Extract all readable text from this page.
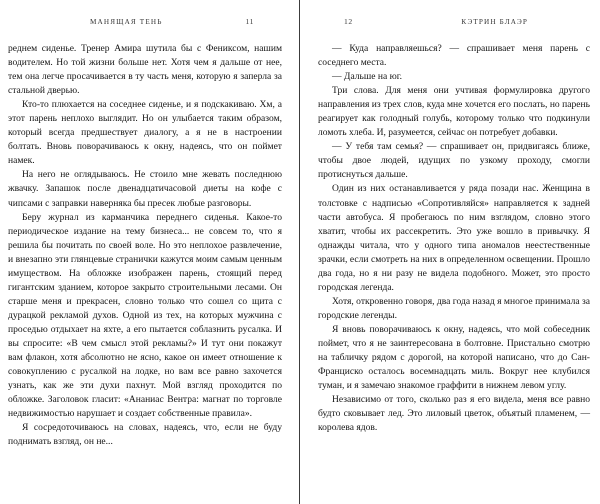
МАНЯЩАЯ ТЕНЬ	11

реднем сиденье. Тренер Амира шутила бы с Фениксом, нашим водителем. Но той жизни больше нет. Хотя чем я дальше от нее, тем она легче просачивается в ту часть меня, которую я заперла за стальной дверью.

Кто-то плюхается на соседнее сиденье, и я подскакиваю. Хм, а этот парень неплохо выглядит. Но он улыбается таким образом, который всегда предшествует диалогу, а я не в настроении болтать. Вновь поворачиваюсь к окну, надеясь, что он поймет намек.

На него не оглядываюсь. Не стоило мне жевать последнюю жвачку. Запашок после двенадцатичасовой диеты на кофе с чипсами с заправки наверняка бы пресек любые разговоры.

Беру журнал из карманчика переднего сиденья. Какое-то периодическое издание на тему бизнеса... не совсем то, что я решила бы почитать по своей воле. Но это неплохое развлечение, и внезапно эти глянцевые странички кажутся моим самым ценным имуществом. На обложке изображен парень, стоящий перед гигантским зданием, которое закрыто строительными лесами. Он старше меня и прекрасен, словно только что сошел со щита с дурацкой рекламой духов. Одной из тех, на которых мужчина с проседью отдыхает на яхте, а его пытается соблазнить русалка. И вы спросите: «В чем смысл этой рекламы?» И тут они покажут вам флакон, хотя абсолютно не ясно, какое он имеет отношение к совокуплению с русалкой на лодке, но вам все равно захочется узнать, как же эти духи пахнут. Мой взгляд проходится по обложке. Заголовок гласит: «Ананиас Вентра: магнат по торговле недвижимостью нарушает и создает собственные правила».

Я сосредоточиваюсь на словах, надеясь, что, если не буду поднимать взгляд, он не...

12	КЭТРИН БЛАЭР

— Куда направляешься? — спрашивает меня парень с соседнего места.

— Дальше на юг.

Три слова. Для меня они учтивая формулировка другого направления из трех слов, куда мне хочется его послать, но парень реагирует как голодный голубь, которому только что подкинули ломоть хлеба. И, разумеется, сейчас он потребует добавки.

— У тебя там семья? — спрашивает он, придвигаясь ближе, чтобы двое людей, идущих по узкому проходу, смогли протиснуться дальше.

Один из них останавливается у ряда позади нас. Женщина в толстовке с надписью «Сопротивляйся» направляется к задней части автобуса. Я пробегаюсь по ним взглядом, словно этого хватит, чтобы их рассекретить. Это уже вошло в привычку. Я однажды читала, что у одного типа аномалов неестественные зрачки, если смотреть на них в определенном освещении. Прошло два года, но я ни разу не видела подобного. Может, это просто городская легенда.

Хотя, откровенно говоря, два года назад я многое принимала за городские легенды.

Я вновь поворачиваюсь к окну, надеясь, что мой собеседник поймет, что я не заинтересована в болтовне. Пристально смотрю на табличку рядом с дорогой, на которой написано, что до Сан-Франциско осталось восемнадцать миль. Вокруг нее клубился туман, и я замечаю знакомое граффити в нижнем левом углу.

Независимо от того, сколько раз я его видела, меня все равно будто сковывает лед. Это лиловый цветок, объятый пламенем, — королева ядов.
